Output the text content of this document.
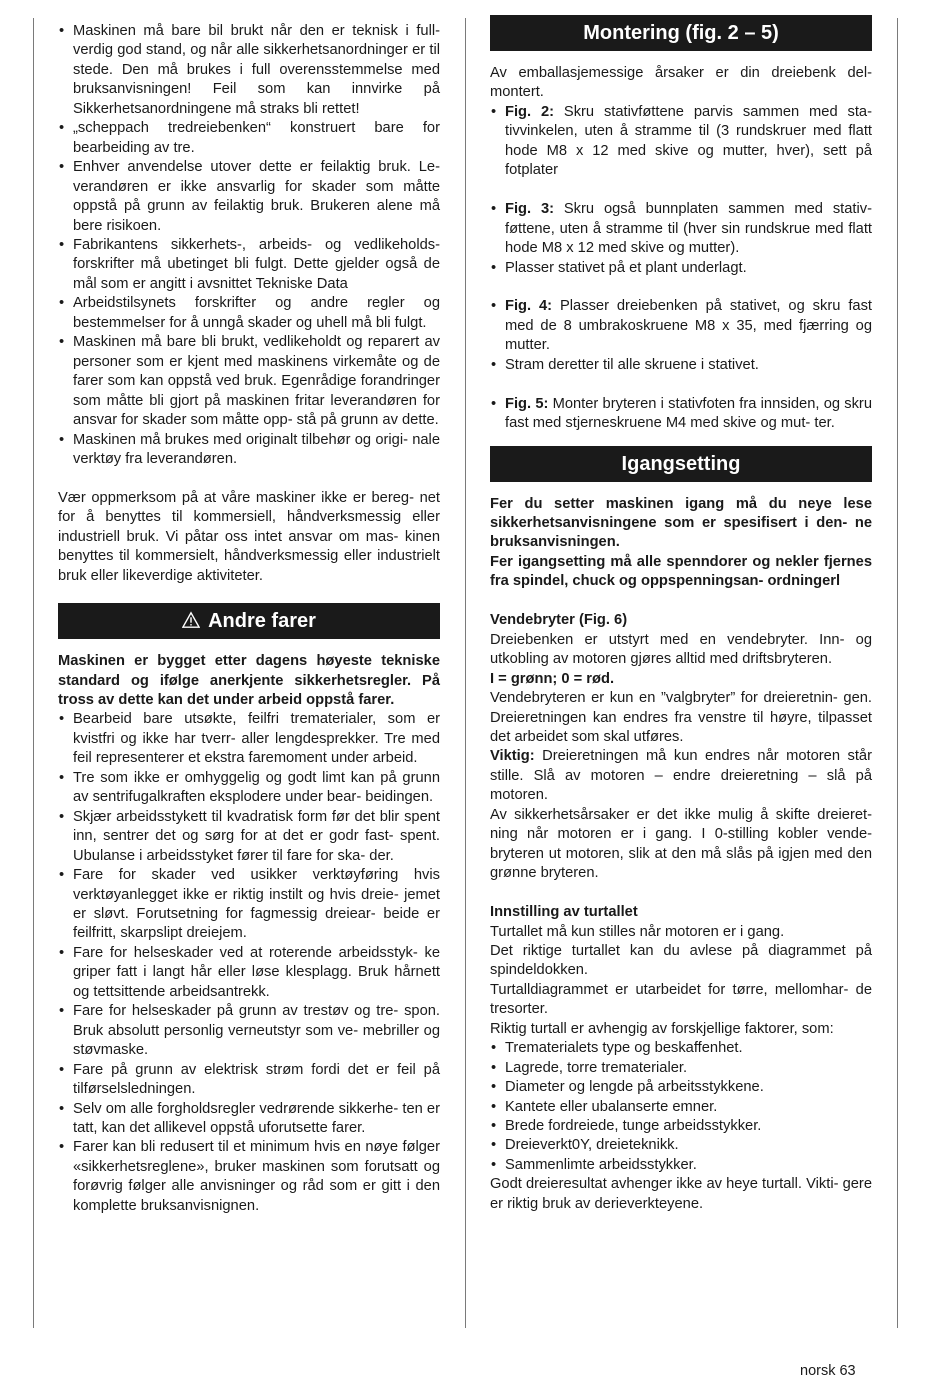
• Maskinen må bare bil brukt når den er teknisk i full- verdig god stand, og når alle sikkerhetsanordninger er til stede. Den må brukes i full overensstemmelse med bruksanvisningen! Feil som kan innvirke på Sikkerhetsanordningene må straks bli rettet!
• „scheppach tredreiebenken“ konstruert bare for bearbeiding av tre.
• Enhver anvendelse utover dette er feilaktig bruk. Le- verandøren er ikke ansvarlig for skader som måtte oppstå på grunn av feilaktig bruk. Brukeren alene må bere risikoen.
• Fabrikantens sikkerhets-, arbeids- og vedlikeholds- forskrifter må ubetinget bli fulgt. Dette gjelder også de mål som er angitt i avsnittet Tekniske Data
• Arbeidstilsynets forskrifter og andre regler og bestemmelser for å unngå skader og uhell må bli fulgt.
• Maskinen må bare bli brukt, vedlikeholdt og reparert av personer som er kjent med maskinens virkemåte og de farer som kan oppstå ved bruk. Egenrådige forandringer som måtte bli gjort på maskinen fritar leverandøren for ansvar for skader som måtte opp- stå på grunn av dette.
• Maskinen må brukes med originalt tilbehør og origi- nale verktøy fra leverandøren.

Vær oppmerksom på at våre maskiner ikke er bereg- net for å benyttes til kommersiell, håndverksmessig eller industriell bruk. Vi påtar oss intet ansvar om mas- kinen benyttes til kommersielt, håndverksmessig eller industrielt bruk eller likeverdige aktiviteter.

Andre farer

Maskinen er bygget etter dagens høyeste tekniske standard og ifølge anerkjente sikkerhetsregler. På tross av dette kan det under arbeid oppstå farer.

• Bearbeid bare utsøkte, feilfri trematerialer, som er kvistfri og ikke har tverr- aller lengdesprekker. Tre med feil representerer et ekstra faremoment under arbeid.
• Tre som ikke er omhyggelig og godt limt kan på grunn av sentrifugalkraften eksplodere under bear- beidingen.
• Skjær arbeidsstykett til kvadratisk form før det blir spent inn, sentrer det og sørg for at det er godr fast- spent. Ubulanse i arbeidsstyket fører til fare for ska- der.
• Fare for skader ved usikker verktøyføring hvis verktøyanlegget ikke er riktig instilt og hvis dreie- jemet er sløvt. Forutsetning for fagmessig dreiear- beide er feilfritt, skarpslipt dreiejem.
• Fare for helseskader ved at roterende arbeidsstyk- ke griper fatt i langt hår eller løse klesplagg. Bruk hårnett og tettsittende arbeidsantrekk.
• Fare for helseskader på grunn av trestøv og tre- spon. Bruk absolutt personlig verneutstyr som ve- mebriller og støvmaske.
• Fare på grunn av elektrisk strøm fordi det er feil på tilførselsledningen.
• Selv om alle forgholdsregler vedrørende sikkerhe- ten er tatt, kan det allikevel oppstå uforutsette farer.
• Farer kan bli redusert til et minimum hvis en nøye følger «sikkerhetsreglene», bruker maskinen som forutsatt og forøvrig følger alle anvisninger og råd som er gitt i den komplette bruksanvisnignen.
Montering (fig. 2 – 5)

Av emballasjemessige årsaker er din dreiebenk del- montert.

• Fig. 2: Skru stativføttene parvis sammen med sta- tivvinkelen, uten å stramme til (3 rundskruer med flatt hode M8 x 12 med skive og mutter, hver), sett på fotplater
• Fig. 3: Skru også bunnplaten sammen med stativ- føttene, uten å stramme til (hver sin rundskrue med flatt hode M8 x 12 med skive og mutter).
• Plasser stativet på et plant underlagt.
• Fig. 4: Plasser dreiebenken på stativet, og skru fast med de 8 umbrakoskruene M8 x 35, med fjærring og mutter.
• Stram deretter til alle skruene i stativet.
• Fig. 5: Monter bryteren i stativfoten fra innsiden, og skru fast med stjerneskruene M4 med skive og mut- ter.
Igangsetting

Fer du setter maskinen igang må du neye lese sikkerhetsanvisningene som er spesifisert i den- ne bruksanvisningen.

Fer igangsetting må alle spenndorer og nekler fjernes fra spindel, chuck og oppspenningsan- ordningerl

Vendebryter (Fig. 6)

Dreiebenken er utstyrt med en vendebryter. Inn- og utkobling av motoren gjøres alltid med driftsbryteren.

I = grønn; 0 = rød.

Vendebryteren er kun en ”valgbryter” for dreieretnin- gen. Dreieretningen kan endres fra venstre til høyre, tilpasset det arbeidet som skal utføres.

Viktig: Dreieretningen må kun endres når motoren står stille. Slå av motoren – endre dreieretning – slå på motoren.

Av sikkerhetsårsaker er det ikke mulig å skifte dreieret- ning når motoren er i gang. I 0-stilling kobler vende- bryteren ut motoren, slik at den må slås på igjen med den grønne bryteren.

Innstilling av turtallet

Turtallet må kun stilles når motoren er i gang.

Det riktige turtallet kan du avlese på diagrammet på spindeldokken.

Turtalldiagrammet er utarbeidet for tørre, mellomhar- de tresorter.

Riktig turtall er avhengig av forskjellige faktorer, som:

• Trematerialets type og beskaffenhet.
• Lagrede, torre trematerialer.
• Diameter og lengde på arbeitsstykkene.
• Kantete eller ubalanserte emner.
• Brede fordreiede, tunge arbeidsstykker.
• Dreieverkt0Y, dreieteknikk.
• Sammenlimte arbeidsstykker.

Godt dreieresultat avhenger ikke av heye turtall. Vikti- gere er riktig bruk av derieverkteyene.

norsk 63
